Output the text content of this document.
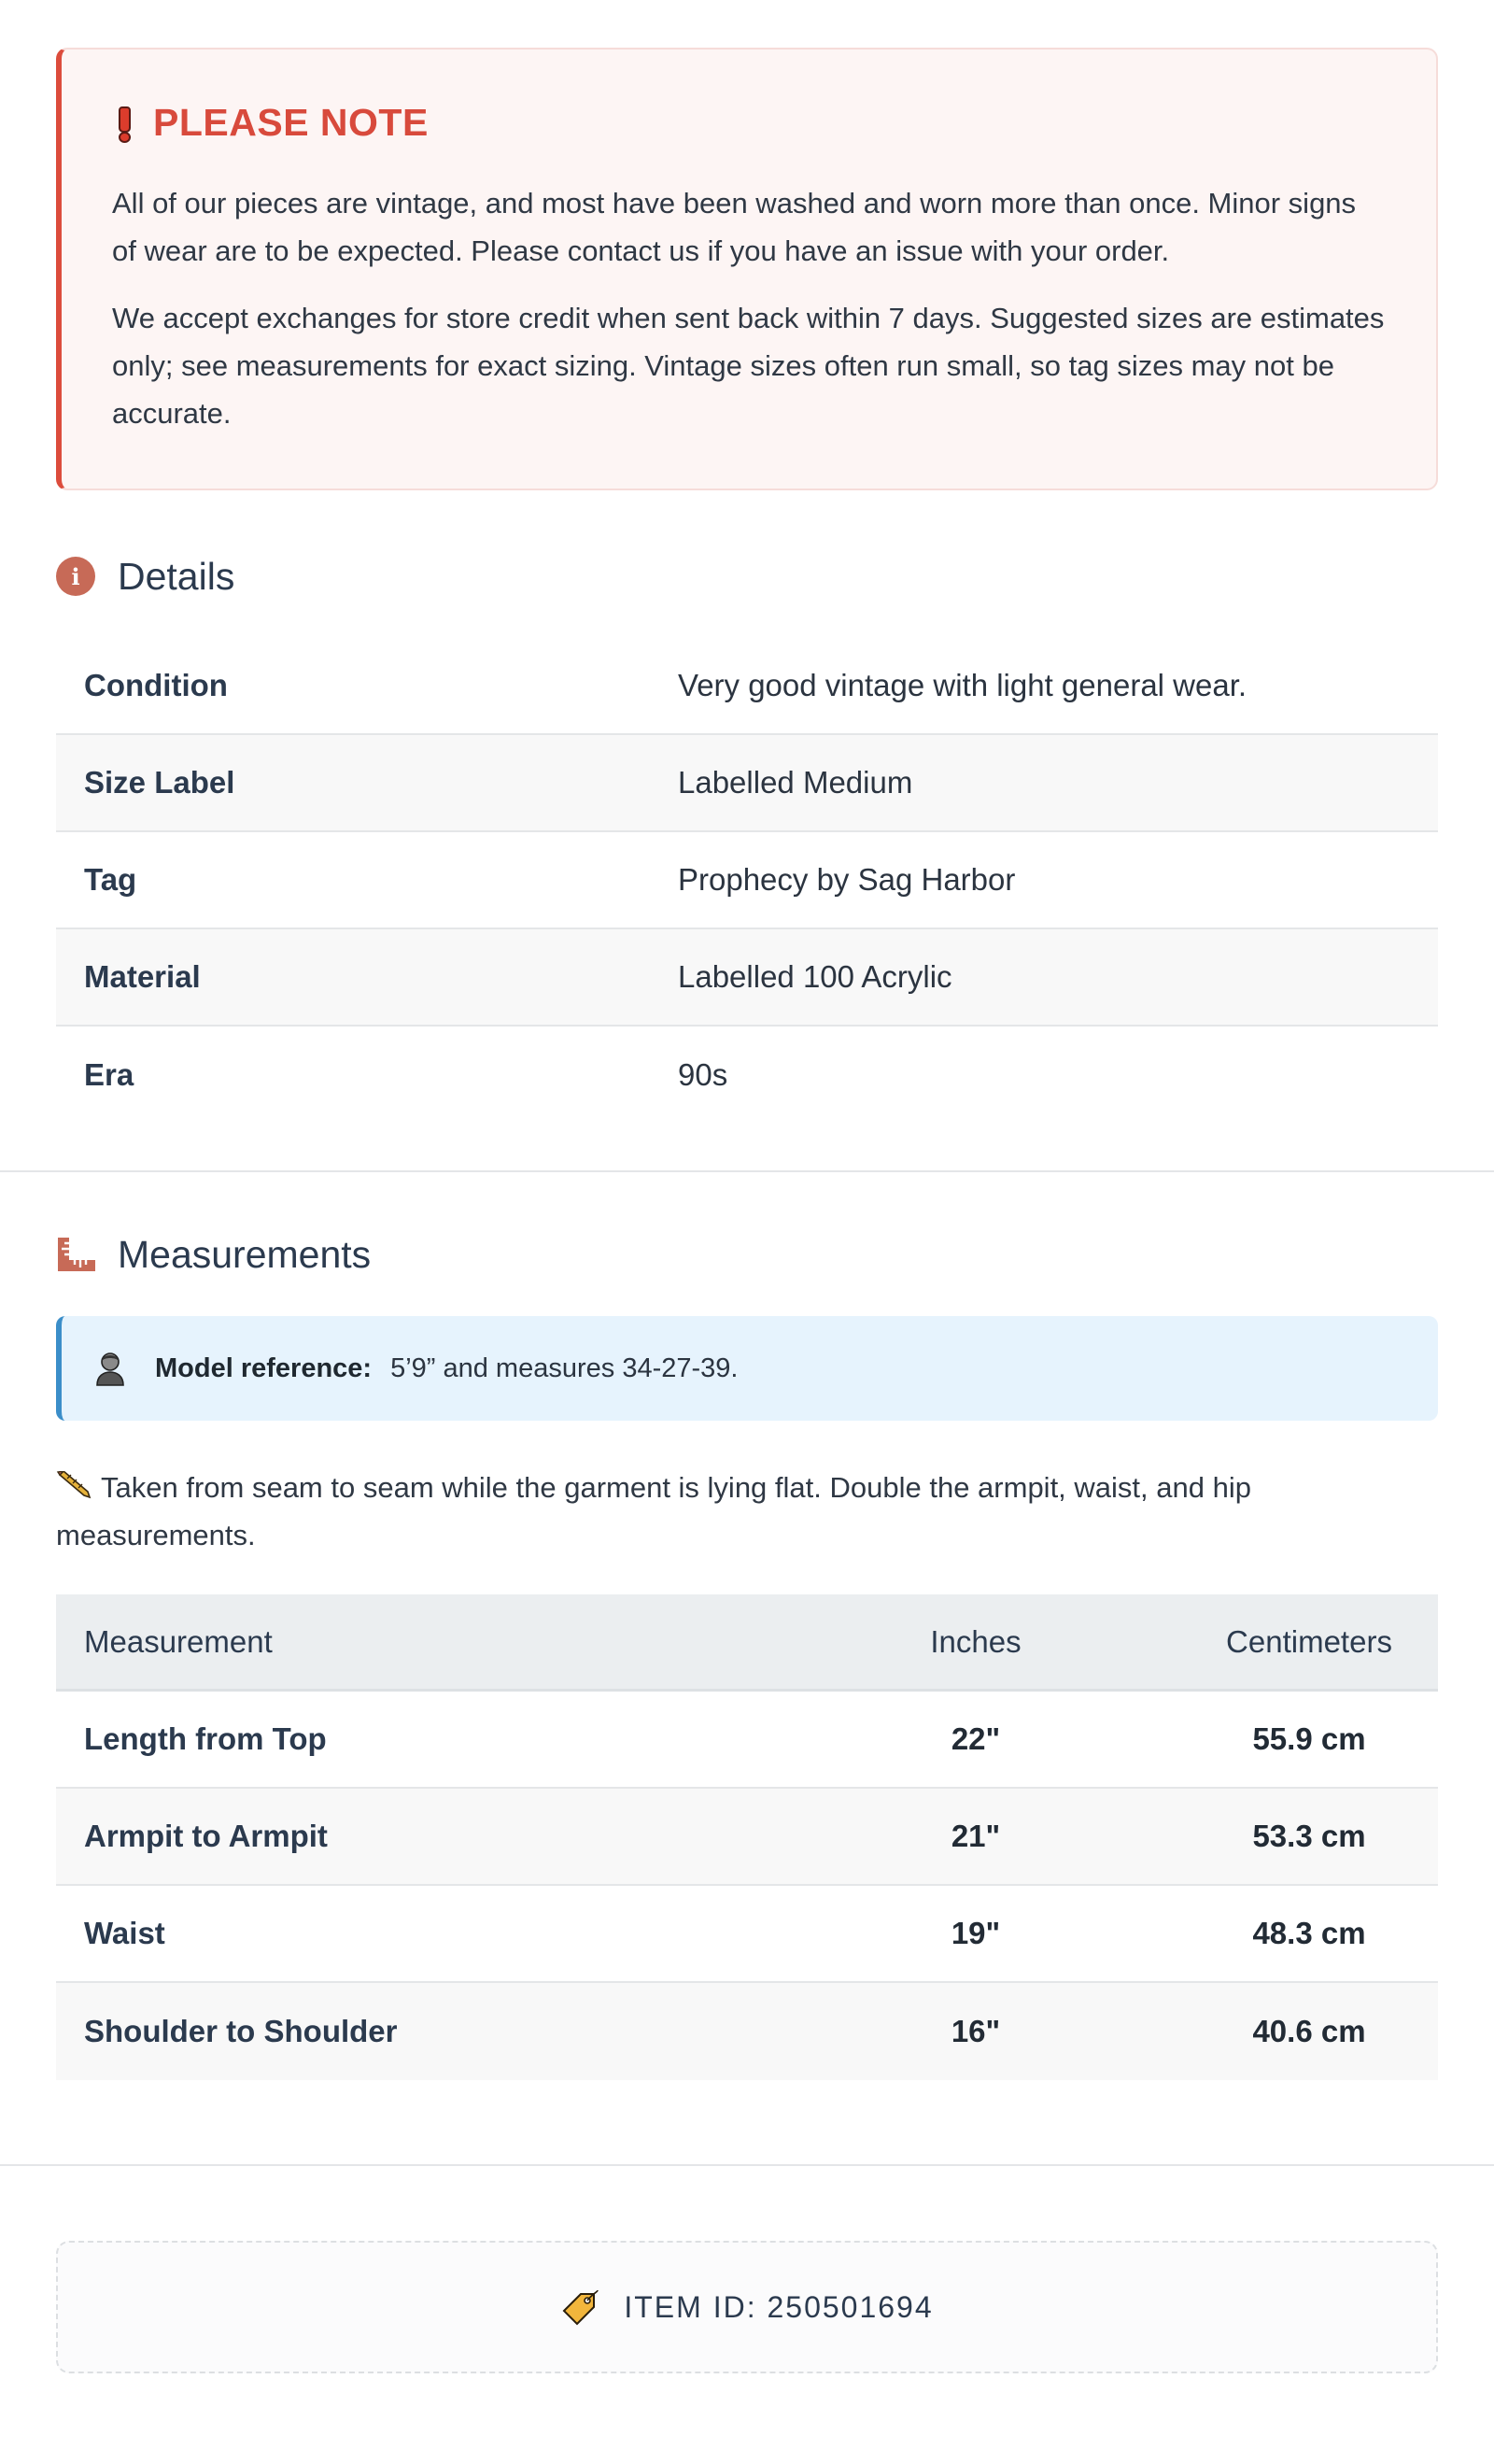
PLEASE NOTE

All of our pieces are vintage, and most have been washed and worn more than once. Minor signs of wear are to be expected. Please contact us if you have an issue with your order.

We accept exchanges for store credit when sent back within 7 days. Suggested sizes are estimates only; see measurements for exact sizing. Vintage sizes often run small, so tag sizes may not be accurate.

i Details
Condition	Very good vintage with light general wear.
Size Label	Labelled Medium
Tag	Prophecy by Sag Harbor
Material	Labelled 100 Acrylic
Era	90s
Measurements
Model reference: 5’9” and measures 34-27-39.

Taken from seam to seam while the garment is lying flat. Double the armpit, waist, and hip measurements.

Measurement	Inches	Centimeters
Length from Top	22"	55.9 cm
Armpit to Armpit	21"	53.3 cm
Waist	19"	48.3 cm
Shoulder to Shoulder	16"	40.6 cm
ITEM ID: 250501694
